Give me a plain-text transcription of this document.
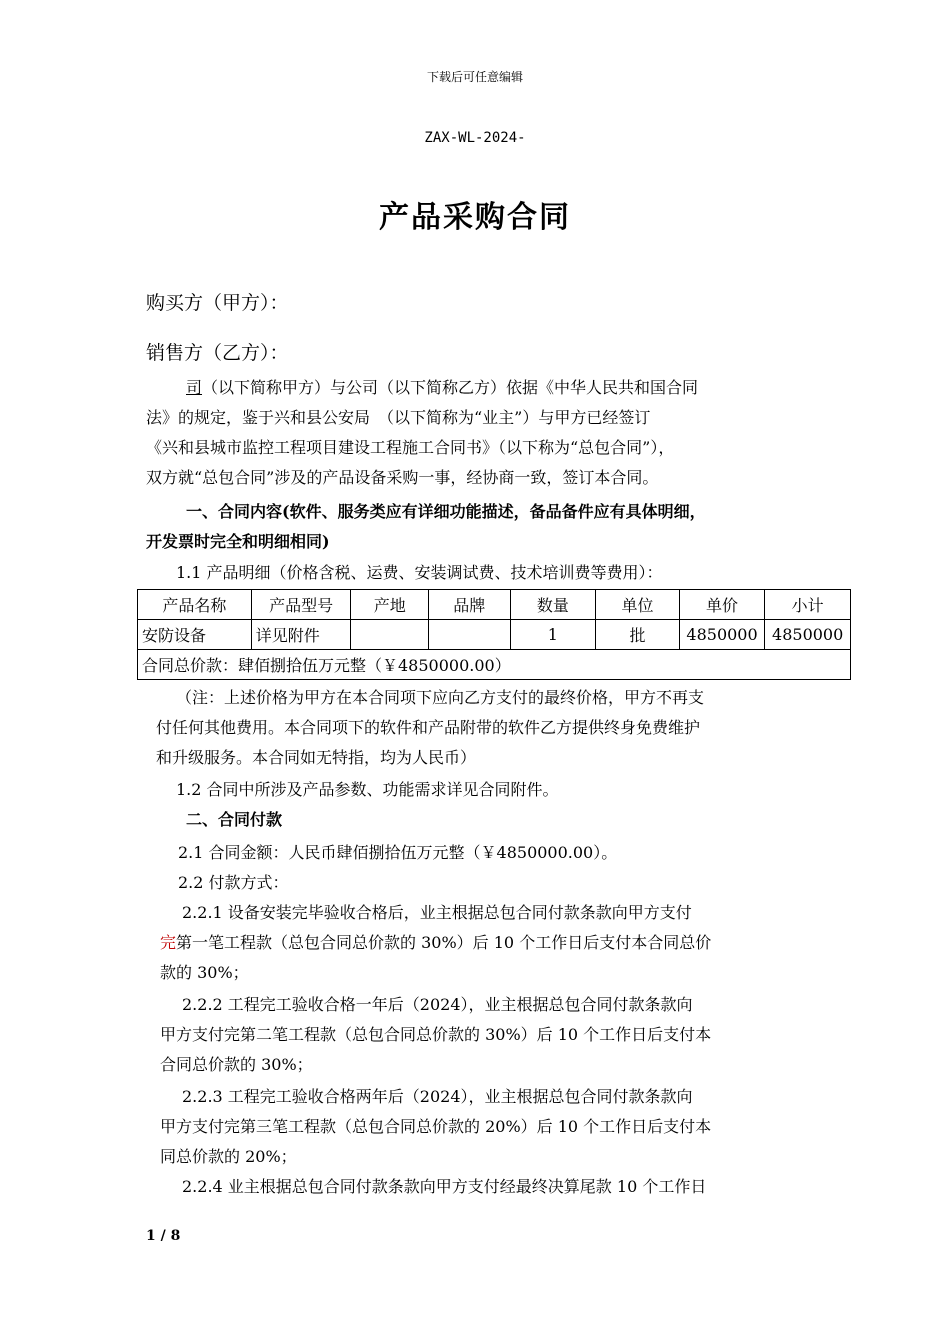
下载后可任意编辑
ZAX-WL-2024-
产品采购合同
购买方（甲方）：
销售方（乙方）：
司（以下简称甲方）与公司（以下简称乙方）依据《中华人民共和国合同
法》的规定，鉴于兴和县公安局　（以下简称为“业主”）与甲方已经签订
《兴和县城市监控工程项目建设工程施工合同书》（以下称为“总包合同”），
双方就“总包合同”涉及的产品设备采购一事，经协商一致，签订本合同。
一、合同内容(软件、服务类应有详细功能描述，备品备件应有具体明细，
开发票时完全和明细相同)
1.1 产品明细（价格含税、运费、安装调试费、技术培训费等费用）：
产品名称	产品型号	产地	品牌	数量	单位	单价	小计
安防设备	详见附件			1	批	4850000	4850000
合同总价款：肆佰捌拾伍万元整（￥4850000.00）							
（注：上述价格为甲方在本合同项下应向乙方支付的最终价格，甲方不再支
付任何其他费用。本合同项下的软件和产品附带的软件乙方提供终身免费维护
和升级服务。本合同如无特指，均为人民币）
1.2 合同中所涉及产品参数、功能需求详见合同附件。
二、合同付款
2.1 合同金额：人民币肆佰捌拾伍万元整（￥4850000.00）。
2.2 付款方式：
2.2.1 设备安装完毕验收合格后，业主根据总包合同付款条款向甲方支付
完第一笔工程款（总包合同总价款的 30%）后 10 个工作日后支付本合同总价
款的 30%；
2.2.2 工程完工验收合格一年后（2024），业主根据总包合同付款条款向
甲方支付完第二笔工程款（总包合同总价款的 30%）后 10 个工作日后支付本
合同总价款的 30%；
2.2.3 工程完工验收合格两年后（2024），业主根据总包合同付款条款向
甲方支付完第三笔工程款（总包合同总价款的 20%）后 10 个工作日后支付本
同总价款的 20%；
2.2.4 业主根据总包合同付款条款向甲方支付经最终决算尾款 10 个工作日
1 / 8
